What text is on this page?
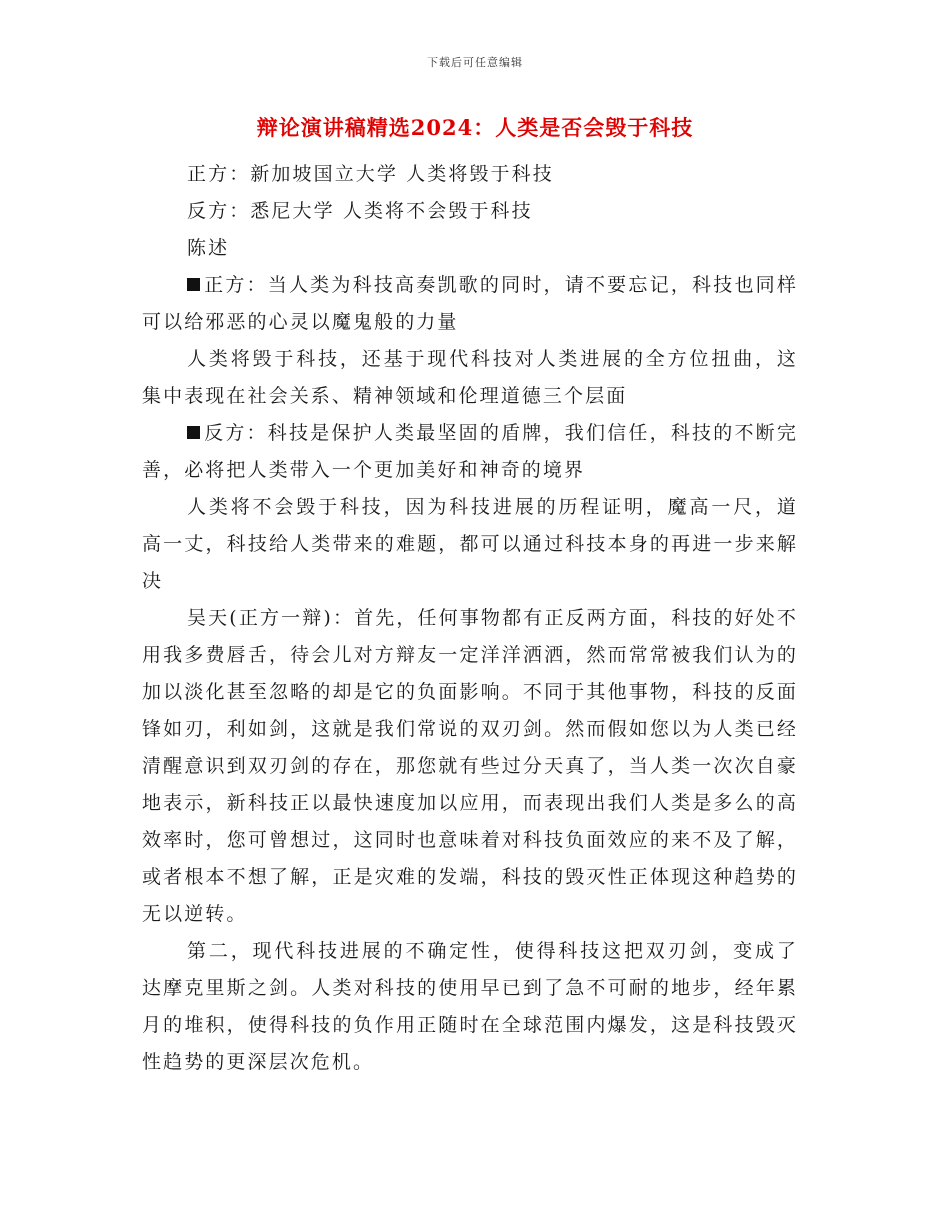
下载后可任意编辑
辩论演讲稿精选2024：人类是否会毁于科技

正方：新加坡国立大学 人类将毁于科技

反方：悉尼大学 人类将不会毁于科技

陈述

正方：当人类为科技高奏凯歌的同时，请不要忘记，科技也同样可以给邪恶的心灵以魔鬼般的力量

人类将毁于科技，还基于现代科技对人类进展的全方位扭曲，这集中表现在社会关系、精神领域和伦理道德三个层面

反方：科技是保护人类最坚固的盾牌，我们信任，科技的不断完善，必将把人类带入一个更加美好和神奇的境界

人类将不会毁于科技，因为科技进展的历程证明，魔高一尺，道高一丈，科技给人类带来的难题，都可以通过科技本身的再进一步来解决

吴天(正方一辩)：首先，任何事物都有正反两方面，科技的好处不用我多费唇舌，待会儿对方辩友一定洋洋洒洒，然而常常被我们认为的加以淡化甚至忽略的却是它的负面影响。不同于其他事物，科技的反面锋如刃，利如剑，这就是我们常说的双刃剑。然而假如您以为人类已经清醒意识到双刃剑的存在，那您就有些过分天真了，当人类一次次自豪地表示，新科技正以最快速度加以应用，而表现出我们人类是多么的高效率时，您可曾想过，这同时也意味着对科技负面效应的来不及了解，或者根本不想了解，正是灾难的发端，科技的毁灭性正体现这种趋势的无以逆转。

第二，现代科技进展的不确定性，使得科技这把双刃剑，变成了达摩克里斯之剑。人类对科技的使用早已到了急不可耐的地步，经年累月的堆积，使得科技的负作用正随时在全球范围内爆发，这是科技毁灭性趋势的更深层次危机。
